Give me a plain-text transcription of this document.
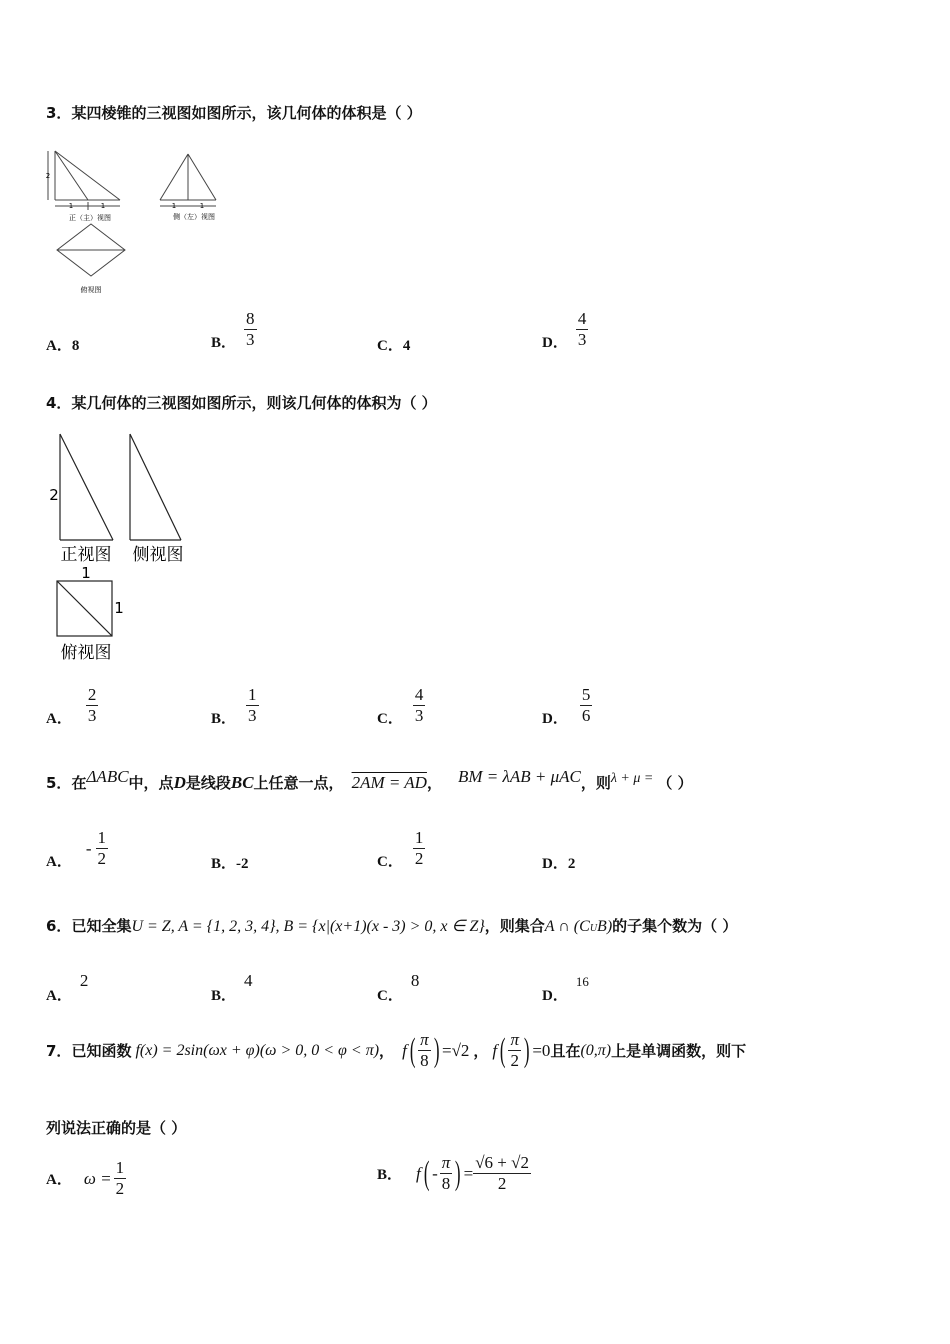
3．某四棱锥的三视图如图所示，该几何体的体积是（ ）
2
1	1
正（主）视图
1	1
侧（左）视图
俯视图
A．8	B． $\frac{8}{3}$	C．4	D． $\frac{4}{3}$
4．某几何体的三视图如图所示，则该几何体的体积为（ ）
2
正视图 侧视图
1
1
俯视图
A． $\frac{2}{3}$	B． $\frac{1}{3}$	C． $\frac{4}{3}$	D． $\frac{5}{6}$
5． 在 ΔABC 中，点 D 是线段 BC 上任意一点， 2AM = AD ， BM = λAB + μAC ，则 λ + μ = （ ）
A．
- $\frac{1}{2}$	B．-2	C． $\frac{1}{2}$	D．2
6． 已知全集 U = Z, A = {1, 2, 3, 4} , B = {x|(x+1)(x - 3) > 0, x ∈ Z} ，则集合 A ∩ (C U B) 的子集个数为（ ）
A．2
B．4
C．8
D．16
7． 已知函数 f(x) = 2sin(ωx + φ)(ω > 0, 0 < φ < π) ， f ( $\frac{\pi}{8}$ ) =√2 ， f ( $\frac{\pi}{2}$ ) =0 且在 (0,π) 上是单调函数，则下
列说法正确的是（ ）
A． $\omega = \frac{1}{2}$	B． f ( - $\frac{\pi}{8}$ ) = $\frac{√6 + √2}{2}$
